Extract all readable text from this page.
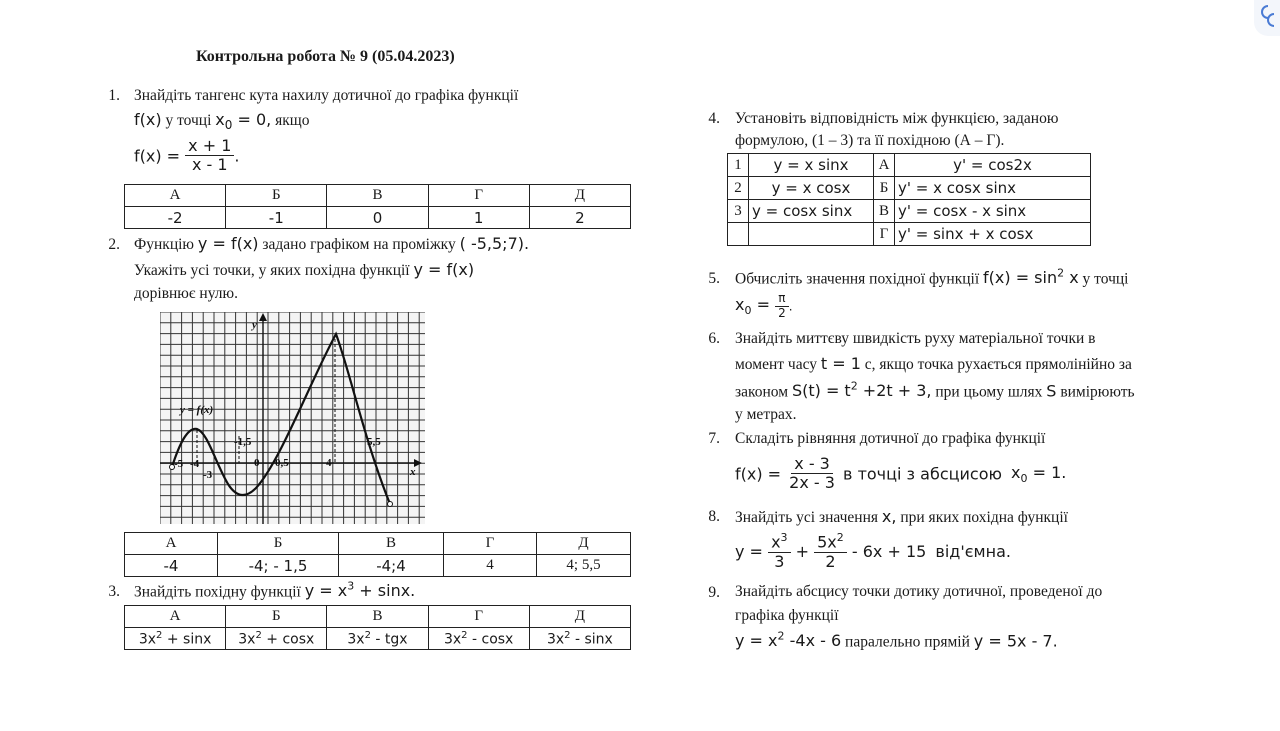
Контрольна робота № 9 (05.04.2023)
1. Знайдіть тангенс кута нахилу дотичної до графіка функції
f(x) у точці $x_0 = 0$, якщо
$f(x) = \frac{x + 1}{x - 1}$ .
А	Б	В	Г	Д
-2	-1	0	1	2
2. Функцію y = f(x) задано графіком на проміжку ( -5,5;7).
Укажіть усі точки, у яких похідна функції y = f(x)
дорівнює нулю.
y
x
y = f(x)
-5 -4
-3
-1,5
0 0,5	4
5,5
А	Б	В	Г	Д
-4	-4; - 1,5	-4;4	4	4; 5,5
3. Знайдіть похідну функції $y = x^3 + \sin x$.
А	Б	В	Г	Д
$3x^2 + \sin x$	$3x^2 + \cos x$	$3x^2$ - tgx	$3x^2$ - cosx	$3x^2$ - sinx
4. Установіть відповідність між функцією, заданою
формулою, (1 – 3) та її похідною (А – Г).
1	y = x sinx	А	y' = cos2x
2	y = x cosx	Б	y' = x cosx sinx
3	y = cosx sinx	В	y' = cosx - x sinx
		Г	y' = sinx + x cosx
5. Обчисліть значення похідної функції $f(x) = \sin^2 x$ у точці
$x_0 = \frac{\pi}{2}$ .
6. Знайдіть миттєву швидкість руху матеріальної точки в
момент часу t = 1 с, якщо точка рухається прямолінійно за
законом $S(t) = t^2 +2t + 3$, при цьому шлях S вимірюють
у метрах.
7. Складіть рівняння дотичної до графіка функції
$f(x) = \frac{x - 3}{2x - 3}$ в точці з абсцисою $x_0 = 1$.
8. Знайдіть усі значення x, при яких похідна функції
$y = \frac{x^3}{3} + \frac{5x^2}{2} - 6x + 15$ від'ємна.
9. Знайдіть абсцису точки дотику дотичної, проведеної до
графіка функції
$y = x^2$ -4x - 6 паралельно прямій y = 5x - 7.
